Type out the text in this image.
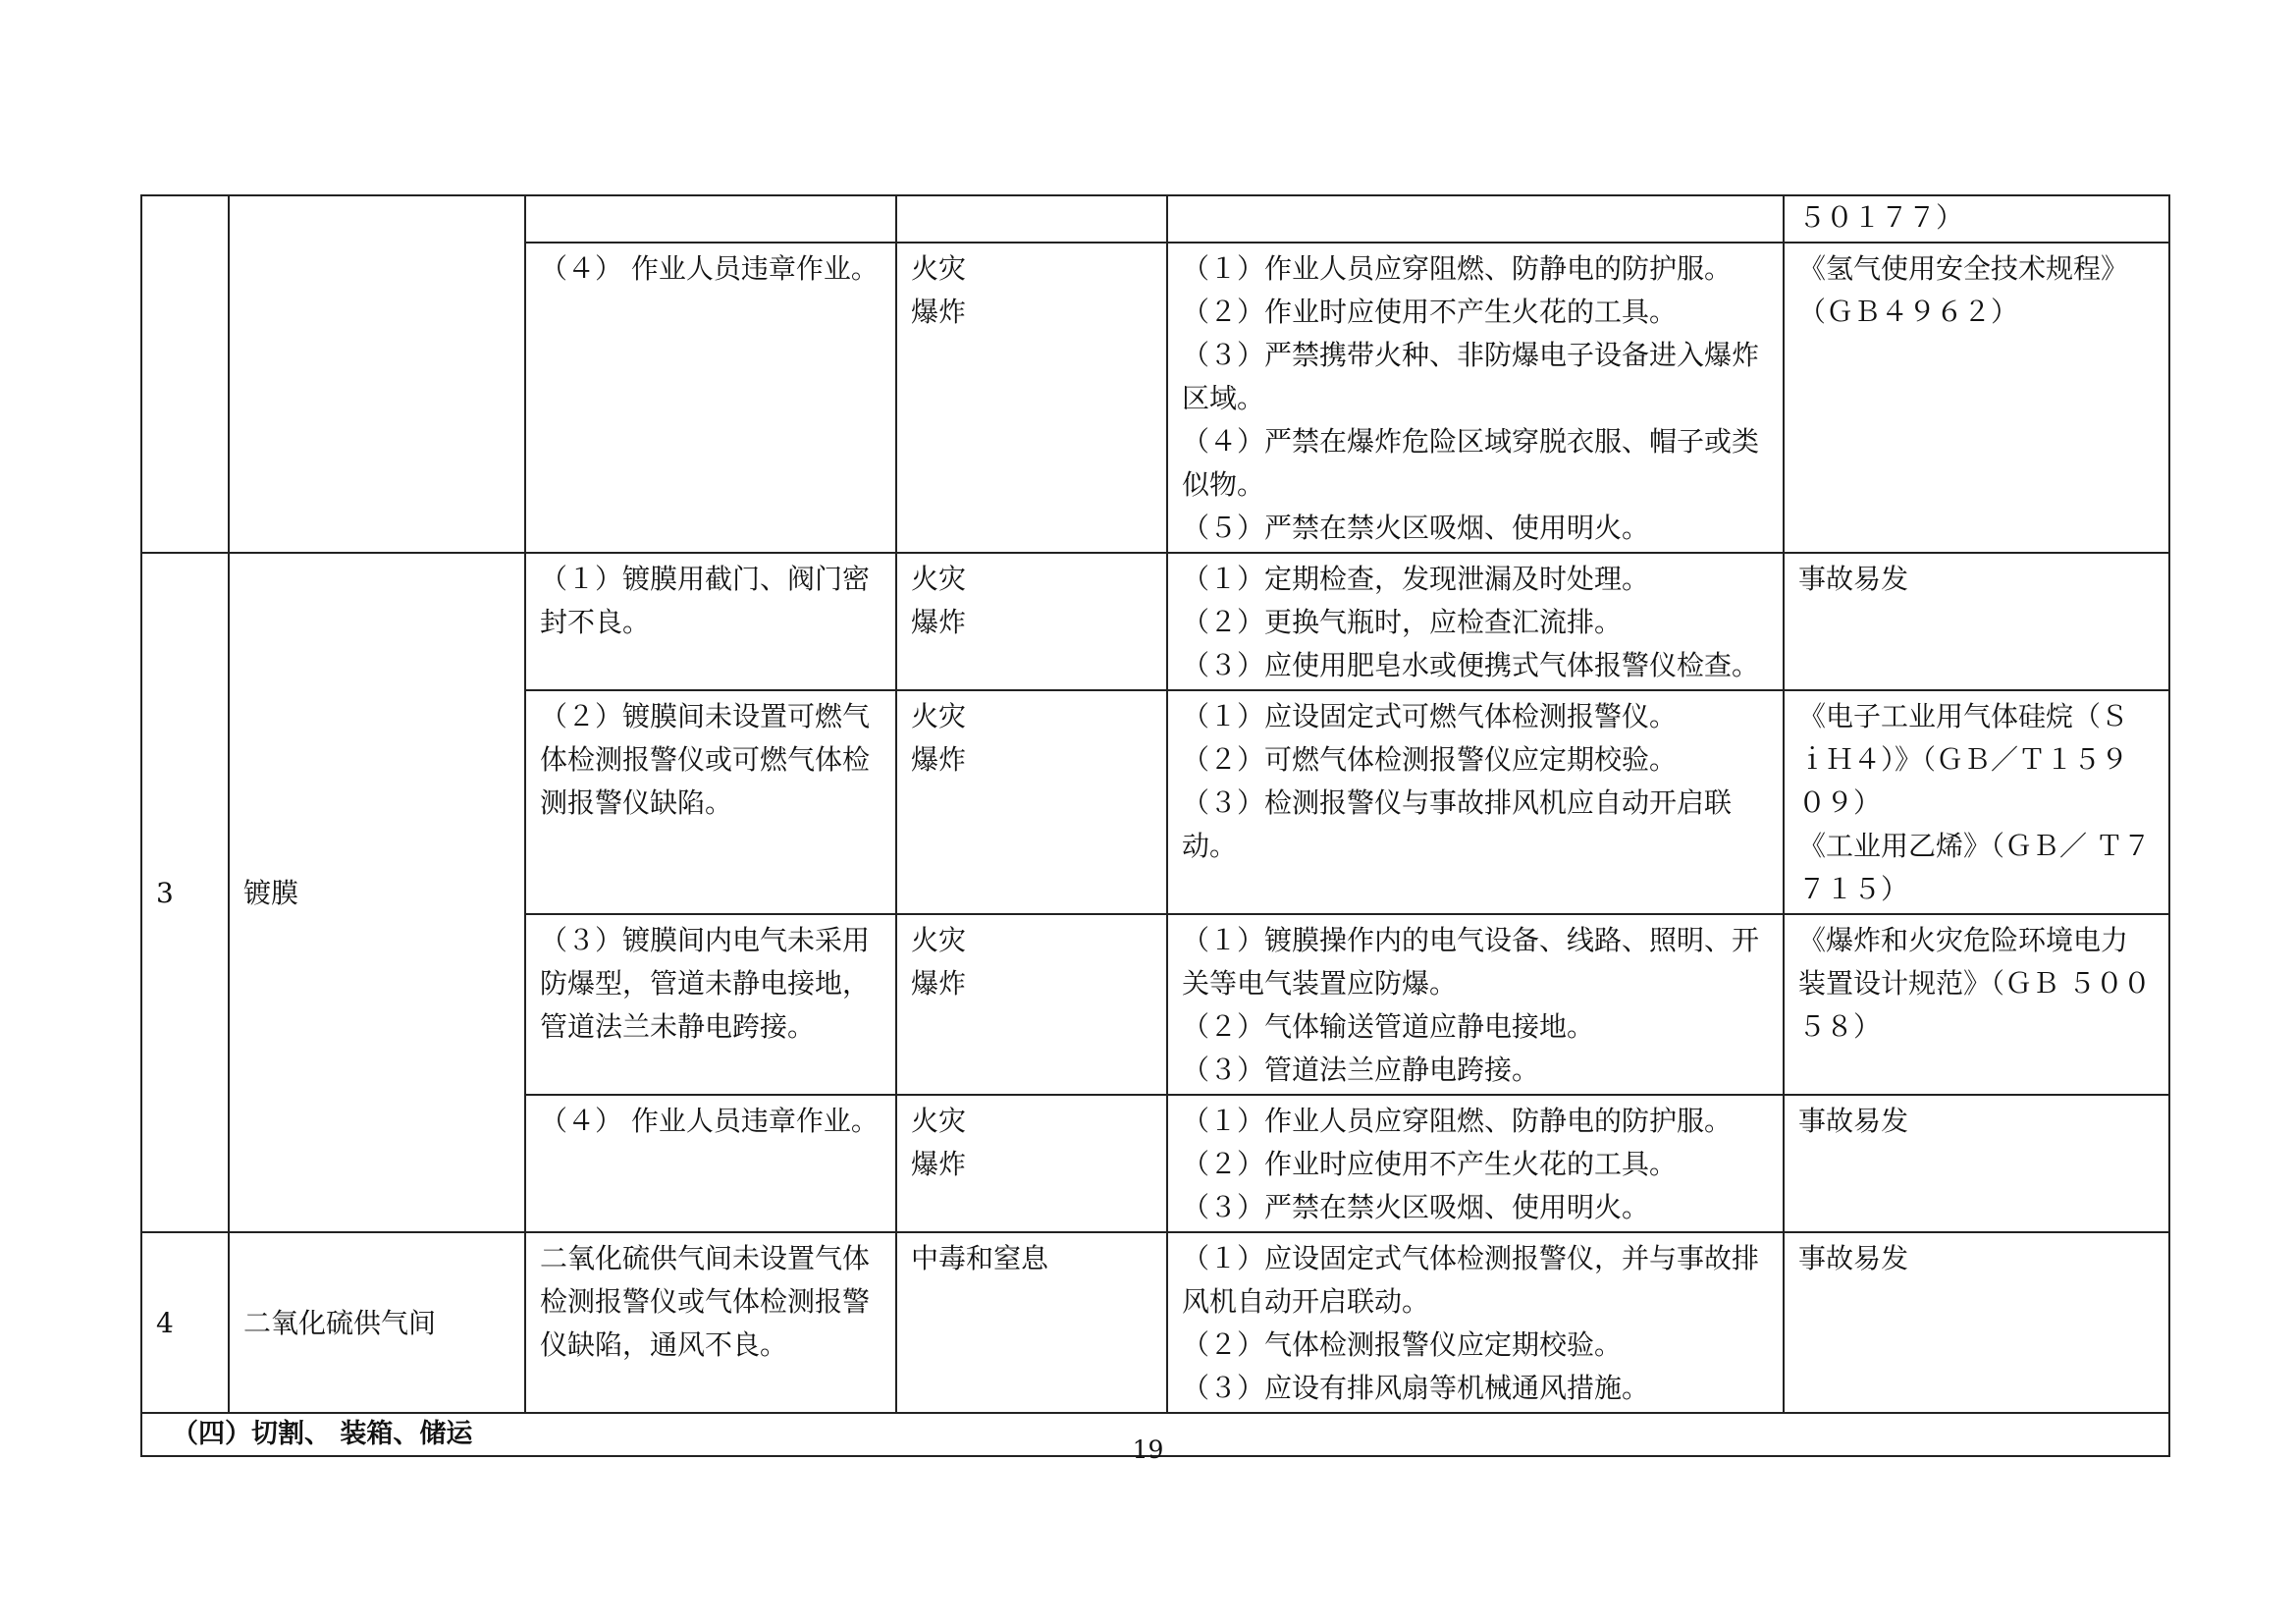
					５０１７７）

		（４） 作业人员违章作业。	火灾
爆炸	（１）作业人员应穿阻燃、防静电的防护服。
（２）作业时应使用不产生火花的工具。
（３）严禁携带火种、非防爆电子设备进入爆炸区域。
（４）严禁在爆炸危险区域穿脱衣服、帽子或类似物。
（５）严禁在禁火区吸烟、使用明火。	《氢气使用安全技术规程》
（ＧＢ４９６２）

3	镀膜	（１）镀膜用截门、阀门密封不良。	火灾
爆炸	（１）定期检查，发现泄漏及时处理。
（２）更换气瓶时，应检查汇流排。
（３）应使用肥皂水或便携式气体报警仪检查。	事故易发

		（２）镀膜间未设置可燃气体检测报警仪或可燃气体检测报警仪缺陷。	火灾
爆炸	（１）应设固定式可燃气体检测报警仪。
（２）可燃气体检测报警仪应定期校验。
（３）检测报警仪与事故排风机应自动开启联动。	《电子工业用气体硅烷（ＳｉＨ４）》（ＧＢ／Ｔ１５９０９）
《工业用乙烯》（ＧＢ／ Ｔ７７１５）

		（３）镀膜间内电气未采用防爆型，管道未静电接地，管道法兰未静电跨接。	火灾
爆炸	（１）镀膜操作内的电气设备、线路、照明、开关等电气装置应防爆。
（２）气体输送管道应静电接地。
（３）管道法兰应静电跨接。	《爆炸和火灾危险环境电力装置设计规范》（ＧＢ ５００５８）

		（４） 作业人员违章作业。	火灾
爆炸	（１）作业人员应穿阻燃、防静电的防护服。
（２）作业时应使用不产生火花的工具。
（３）严禁在禁火区吸烟、使用明火。	事故易发

4	二氧化硫供气间	二氧化硫供气间未设置气体检测报警仪或气体检测报警仪缺陷，通风不良。	中毒和窒息	（１）应设固定式气体检测报警仪，并与事故排风机自动开启联动。
（２）气体检测报警仪应定期校验。
（３）应设有排风扇等机械通风措施。	事故易发

（四）切割、 装箱、储运					
19
